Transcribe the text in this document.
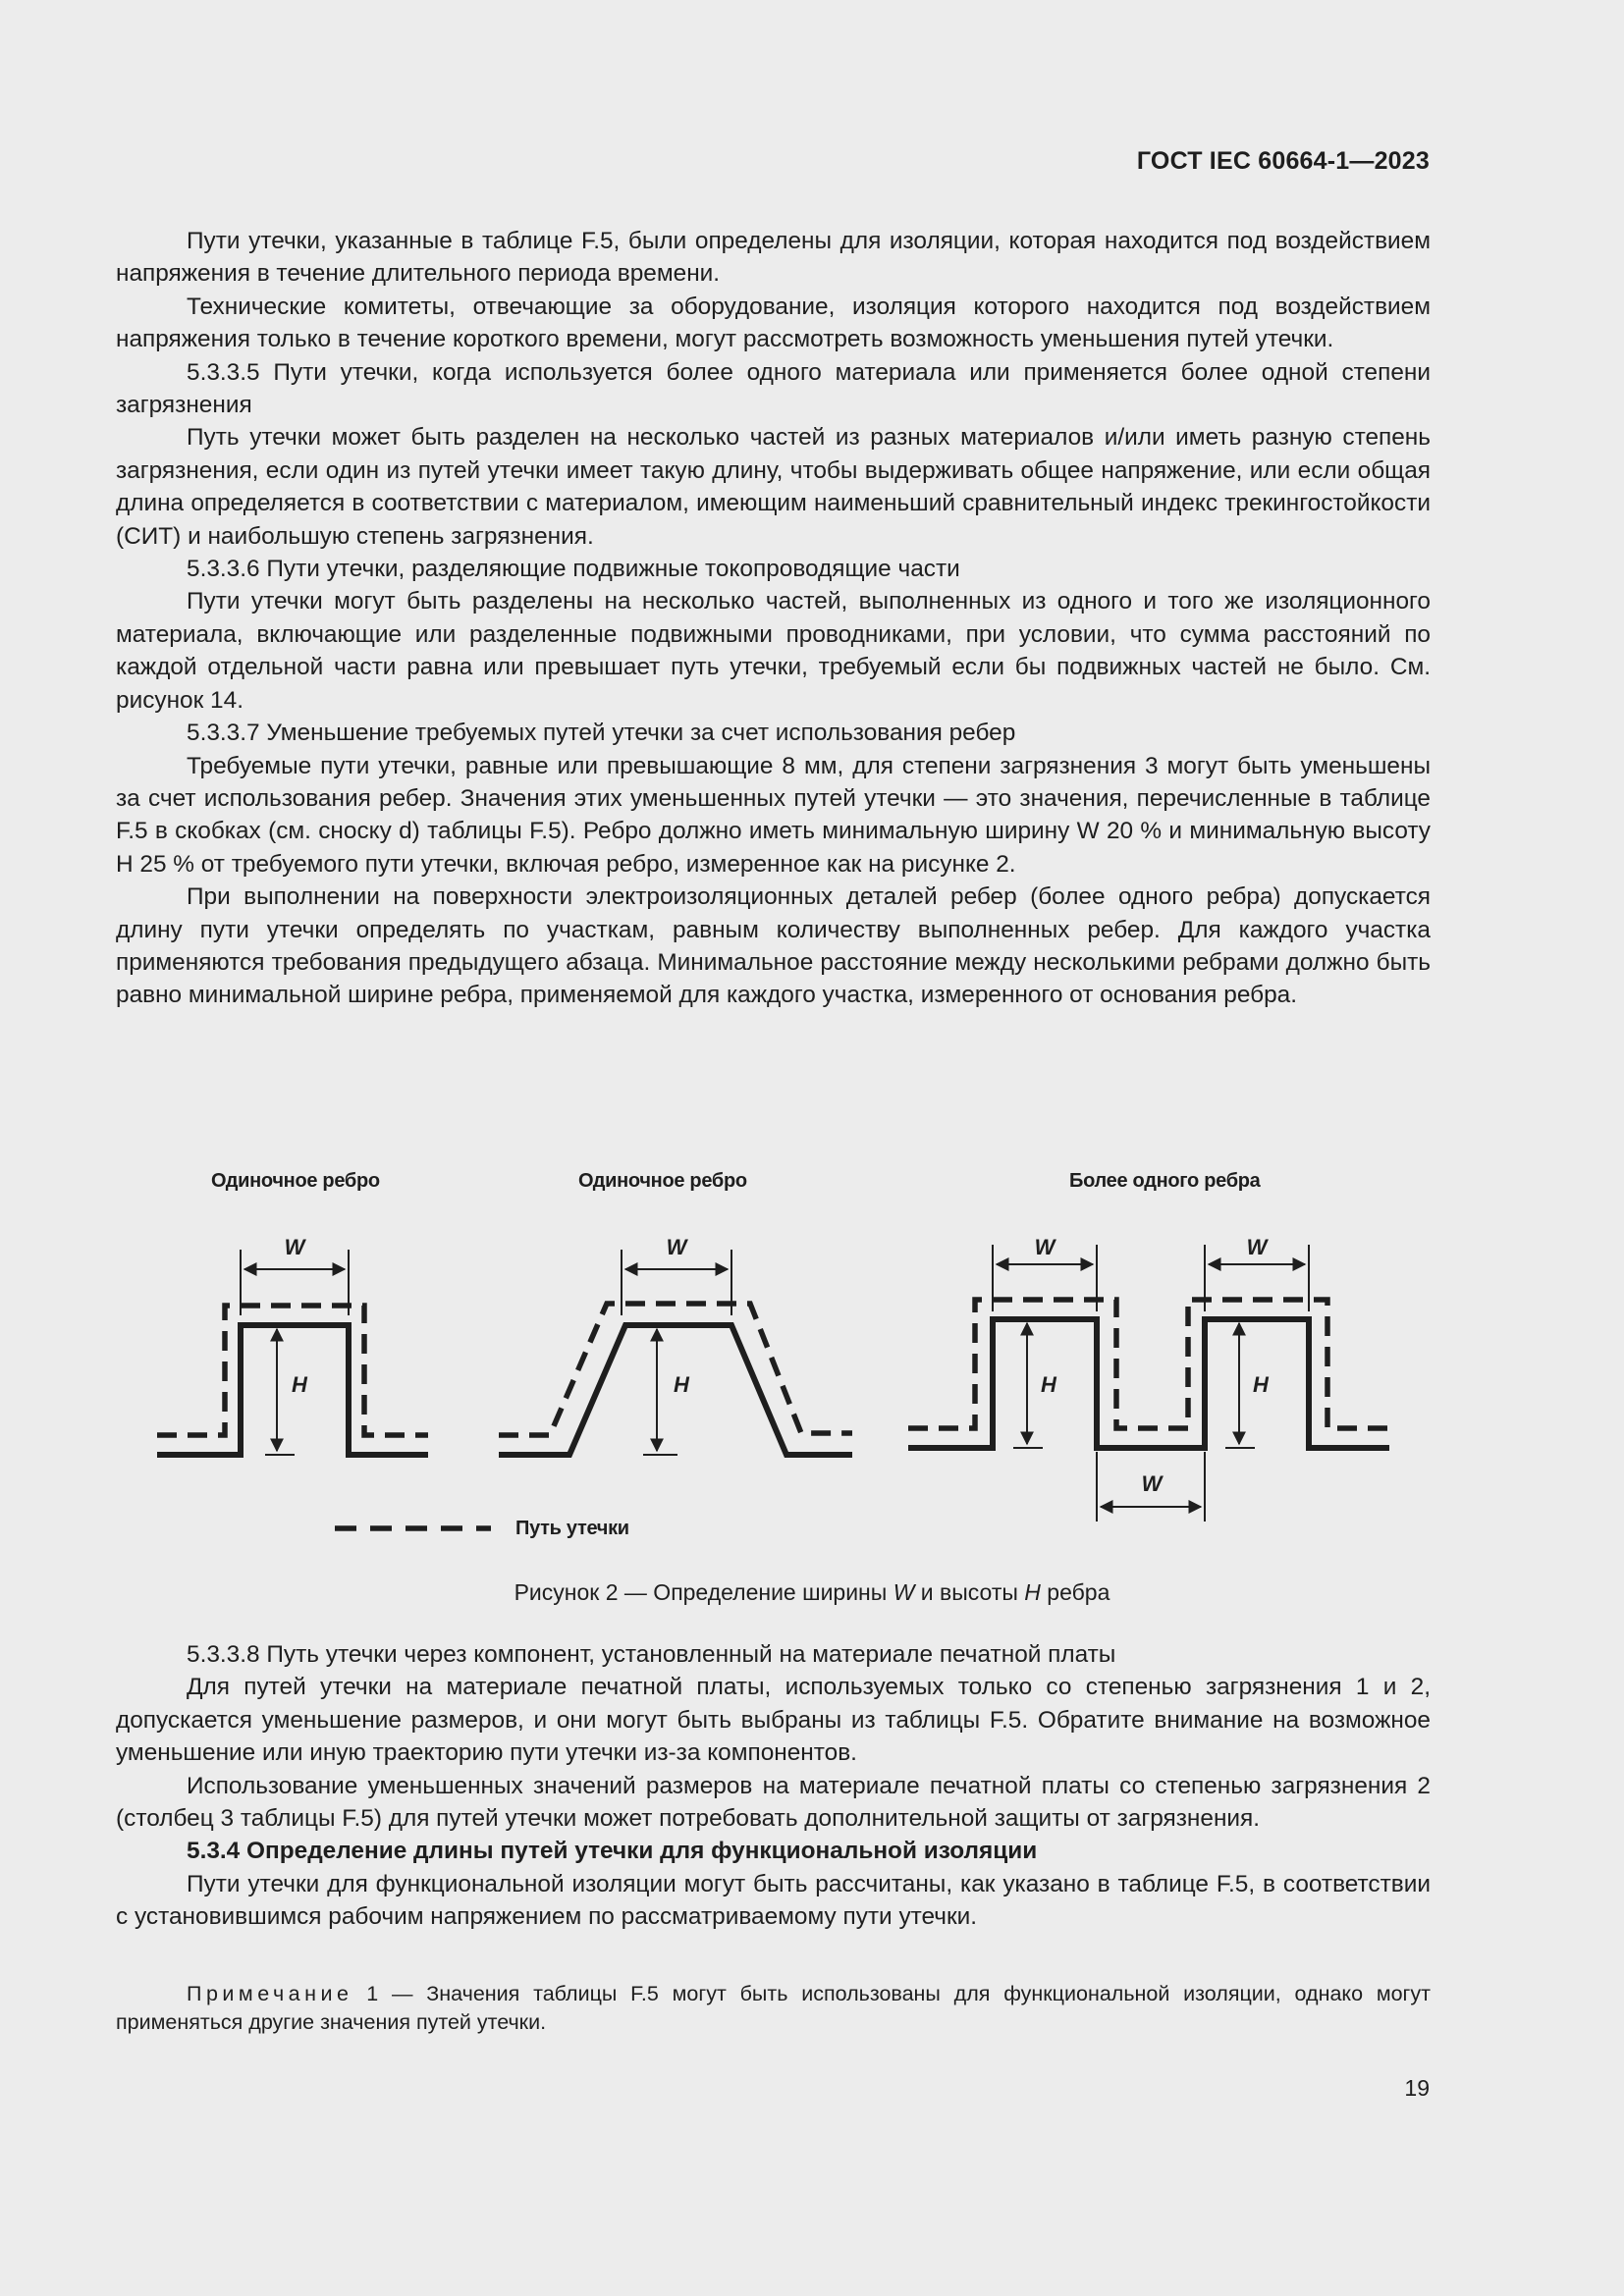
ГОСТ IEC 60664-1—2023

Пути утечки, указанные в таблице F.5, были определены для изоляции, которая находится под воздействием напряжения в течение длительного периода времени.

Технические комитеты, отвечающие за оборудование, изоляция которого находится под воздействием напряжения только в течение короткого времени, могут рассмотреть возможность уменьшения путей утечки.

5.3.3.5 Пути утечки, когда используется более одного материала или применяется более одной степени загрязнения

Путь утечки может быть разделен на несколько частей из разных материалов и/или иметь разную степень загрязнения, если один из путей утечки имеет такую длину, чтобы выдерживать общее напряжение, или если общая длина определяется в соответствии с материалом, имеющим наименьший сравнительный индекс трекингостойкости (СИТ) и наибольшую степень загрязнения.

5.3.3.6 Пути утечки, разделяющие подвижные токопроводящие части

Пути утечки могут быть разделены на несколько частей, выполненных из одного и того же изоляционного материала, включающие или разделенные подвижными проводниками, при условии, что сумма расстояний по каждой отдельной части равна или превышает путь утечки, требуемый если бы подвижных частей не было. См. рисунок 14.

5.3.3.7 Уменьшение требуемых путей утечки за счет использования ребер

Требуемые пути утечки, равные или превышающие 8 мм, для степени загрязнения 3 могут быть уменьшены за счет использования ребер. Значения этих уменьшенных путей утечки — это значения, перечисленные в таблице F.5 в скобках (см. сноску d) таблицы F.5). Ребро должно иметь минимальную ширину W 20 % и минимальную высоту H 25 % от требуемого пути утечки, включая ребро, измеренное как на рисунке 2.

При выполнении на поверхности электроизоляционных деталей ребер (более одного ребра) допускается длину пути утечки определять по участкам, равным количеству выполненных ребер. Для каждого участка применяются требования предыдущего абзаца. Минимальное расстояние между несколькими ребрами должно быть равно минимальной ширине ребра, применяемой для каждого участка, измеренного от основания ребра.

Одиночное ребро	Одиночное ребро	Более одного ребра
W
H
W
H
W	W
H	H
W
Путь утечки
Рисунок 2 — Определение ширины W и высоты H ребра

5.3.3.8 Путь утечки через компонент, установленный на материале печатной платы

Для путей утечки на материале печатной платы, используемых только со степенью загрязнения 1 и 2, допускается уменьшение размеров, и они могут быть выбраны из таблицы F.5. Обратите внимание на возможное уменьшение или иную траекторию пути утечки из-за компонентов.

Использование уменьшенных значений размеров на материале печатной платы со степенью загрязнения 2 (столбец 3 таблицы F.5) для путей утечки может потребовать дополнительной защиты от загрязнения.

5.3.4 Определение длины путей утечки для функциональной изоляции

Пути утечки для функциональной изоляции могут быть рассчитаны, как указано в таблице F.5, в соответствии с установившимся рабочим напряжением по рассматриваемому пути утечки.

Примечание 1 — Значения таблицы F.5 могут быть использованы для функциональной изоляции, однако могут применяться другие значения путей утечки.
19
